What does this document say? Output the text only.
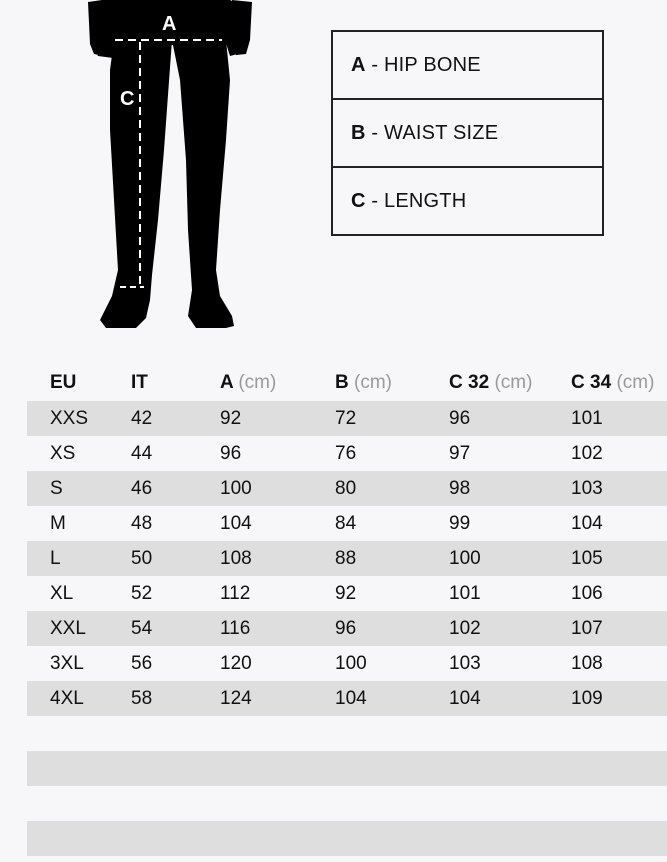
A
C
A - HIP BONE
B - WAIST SIZE
C - LENGTH
EU	IT	A (cm)	B (cm)	C 32 (cm)	C 34 (cm)
XXS	42	92	72	96	101
XS	44	96	76	97	102
S	46	100	80	98	103
M	48	104	84	99	104
L	50	108	88	100	105
XL	52	112	92	101	106
XXL	54	116	96	102	107
3XL	56	120	100	103	108
4XL	58	124	104	104	109
